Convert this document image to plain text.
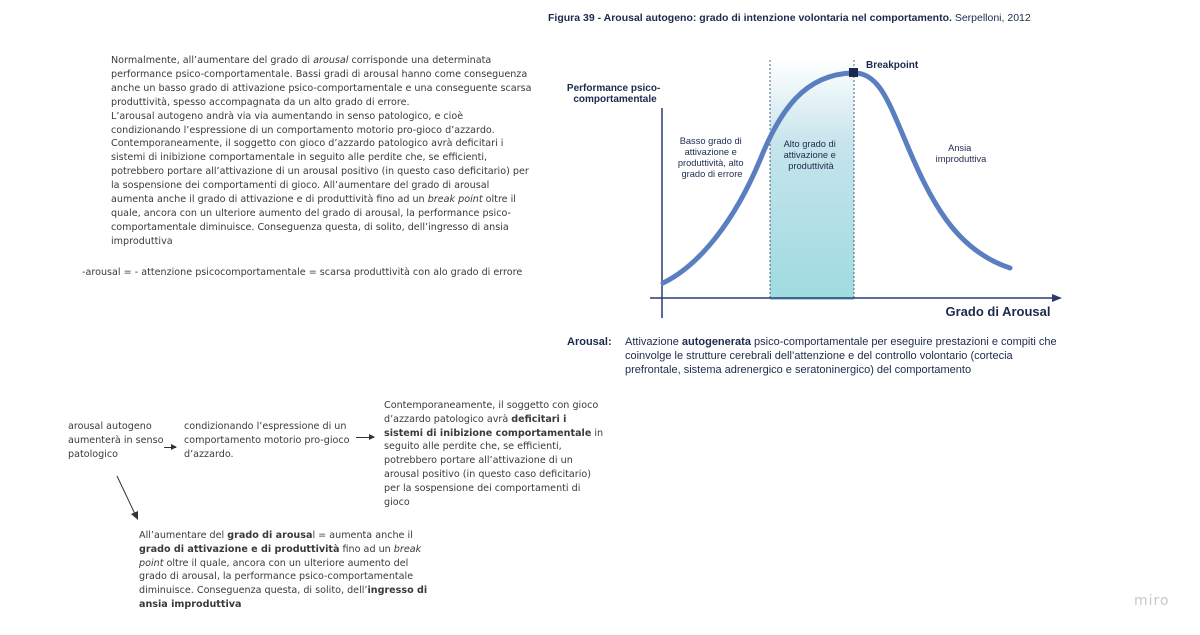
Normalmente, all’aumentare del grado di arousal corrisponde una determinata performance psico-comportamentale. Bassi gradi di arousal hanno come conseguenza anche un basso grado di attivazione psico-comportamentale e una conseguente scarsa produttività, spesso accompagnata da un alto grado di errore.

L’arousal autogeno andrà via via aumentando in senso patologico, e cioè condizionando l’espressione di un comportamento motorio pro-gioco d’azzardo. Contemporaneamente, il soggetto con gioco d’azzardo patologico avrà deficitari i sistemi di inibizione comportamentale in seguito alle perdite che, se efficienti, potrebbero portare all’attivazione di un arousal positivo (in questo caso deficitario) per la sospensione dei comportamenti di gioco. All’aumentare del grado di arousal aumenta anche il grado di attivazione e di produttività fino ad un break point oltre il quale, ancora con un ulteriore aumento del grado di arousal, la performance psico-comportamentale diminuisce. Conseguenza questa, di solito, dell’ingresso di ansia improduttiva

-arousal = - attenzione psicocomportamentale = scarsa produttività con alo grado di errore
Figura 39 - Arousal autogeno: grado di intenzione volontaria nel comportamento. Serpelloni, 2012
Performance psico- comportamentale
Breakpoint
Grado di Arousal
Basso grado di attivazione e produttività, alto grado di errore
Alto grado di attivazione e produttività
Ansia improduttiva
Arousal: Attivazione autogenerata psico-comportamentale per eseguire prestazioni e compiti che coinvolge le strutture cerebrali dell’attenzione e del controllo volontario (cortecia prefrontale, sistema adrenergico e seratoninergico) del comportamento
arousal autogeno aumenterà in senso patologico
condizionando l’espressione di un comportamento motorio pro-gioco d’azzardo.
Contemporaneamente, il soggetto con gioco d’azzardo patologico avrà deficitari i sistemi di inibizione comportamentale in seguito alle perdite che, se efficienti, potrebbero portare all’attivazione di un arousal positivo (in questo caso deficitario) per la sospensione dei comportamenti di gioco
All’aumentare del grado di arousal = aumenta anche il grado di attivazione e di produttività fino ad un break point oltre il quale, ancora con un ulteriore aumento del grado di arousal, la performance psico-comportamentale diminuisce. Conseguenza questa, di solito, dell’ingresso di ansia improduttiva	miro
